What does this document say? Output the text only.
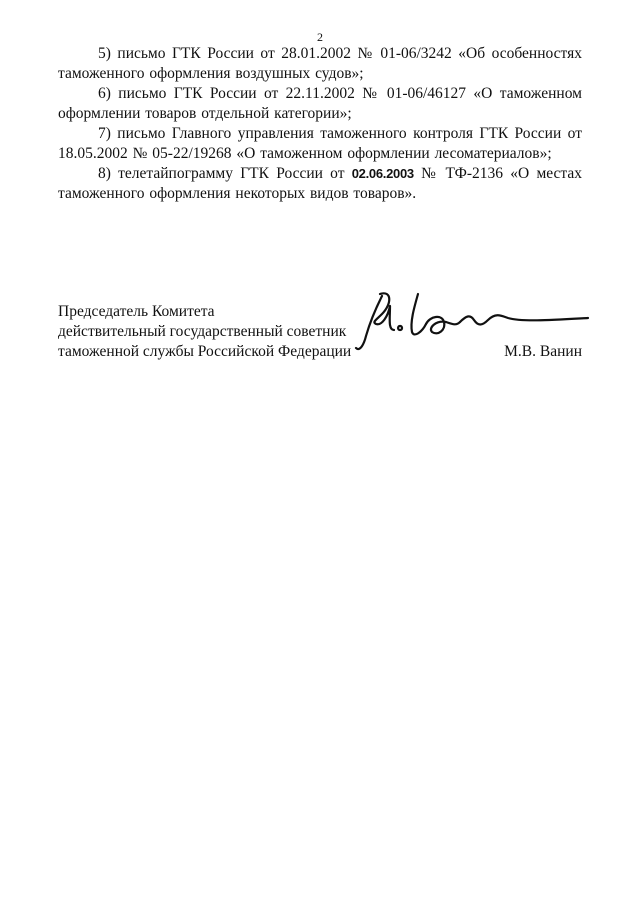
2

5) письмо ГТК России от 28.01.2002 № 01-06/3242 «Об особенностях таможенного оформления воздушных судов»;

6) письмо ГТК России от 22.11.2002 № 01-06/46127 «О таможенном оформлении товаров отдельной категории»;

7) письмо Главного управления таможенного контроля ГТК России от 18.05.2002 № 05-22/19268 «О таможенном оформлении лесоматериалов»;

8) телетайпограмму ГТК России от 02.06.2003 № ТФ-2136 «О местах таможенного оформления некоторых видов товаров».

Председатель Комитета
действительный государственный советник
таможенной службы Российской Федерации	М.В. Ванин
